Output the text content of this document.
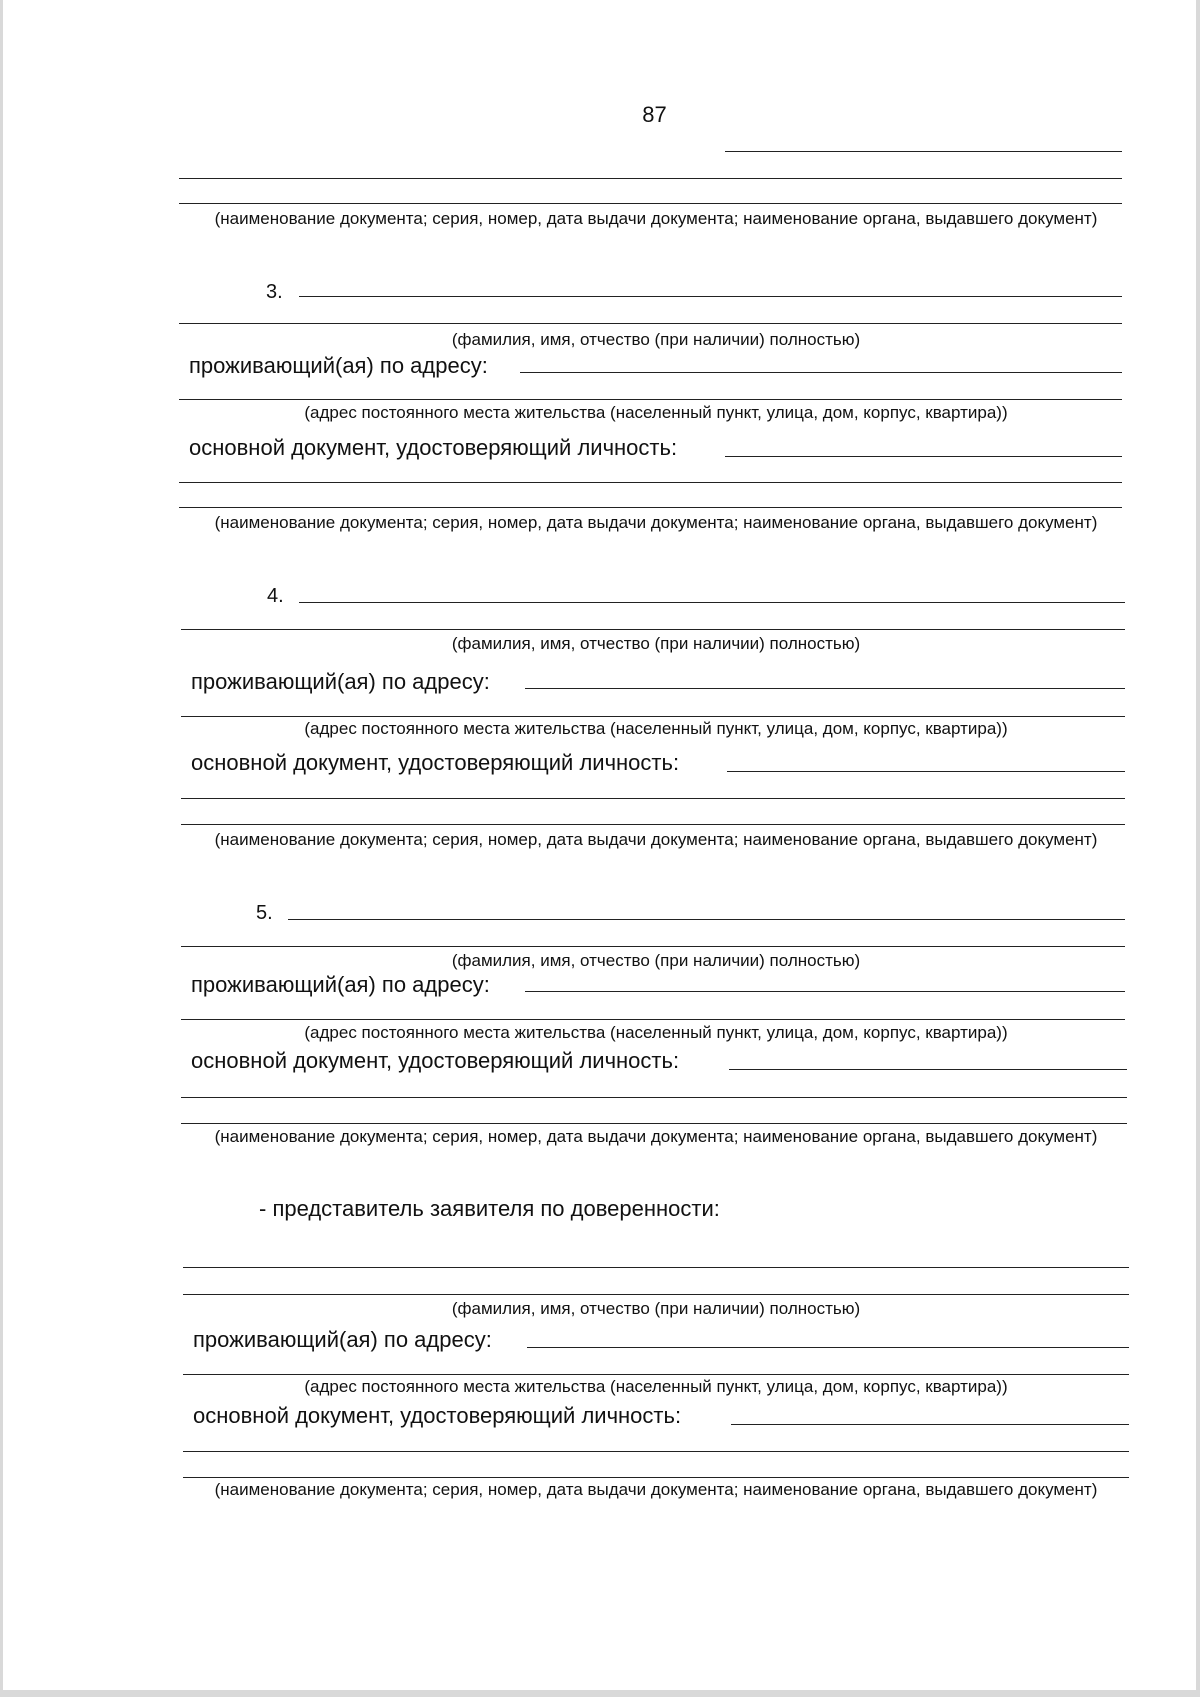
87
(наименование документа; серия, номер, дата выдачи документа; наименование органа, выдавшего документ)
3.
(фамилия, имя, отчество (при наличии) полностью)
проживающий(ая) по адресу:
(адрес постоянного места жительства (населенный пункт, улица, дом, корпус, квартира))
основной документ, удостоверяющий личность:
(наименование документа; серия, номер, дата выдачи документа; наименование органа, выдавшего документ)
4.
(фамилия, имя, отчество (при наличии) полностью)
проживающий(ая) по адресу:
(адрес постоянного места жительства (населенный пункт, улица, дом, корпус, квартира))
основной документ, удостоверяющий личность:
(наименование документа; серия, номер, дата выдачи документа; наименование органа, выдавшего документ)
5.
(фамилия, имя, отчество (при наличии) полностью)
проживающий(ая) по адресу:
(адрес постоянного места жительства (населенный пункт, улица, дом, корпус, квартира))
основной документ, удостоверяющий личность:
(наименование документа; серия, номер, дата выдачи документа; наименование органа, выдавшего документ)
- представитель заявителя по доверенности:
(фамилия, имя, отчество (при наличии) полностью)
проживающий(ая) по адресу:
(адрес постоянного места жительства (населенный пункт, улица, дом, корпус, квартира))
основной документ, удостоверяющий личность:
(наименование документа; серия, номер, дата выдачи документа; наименование органа, выдавшего документ)
